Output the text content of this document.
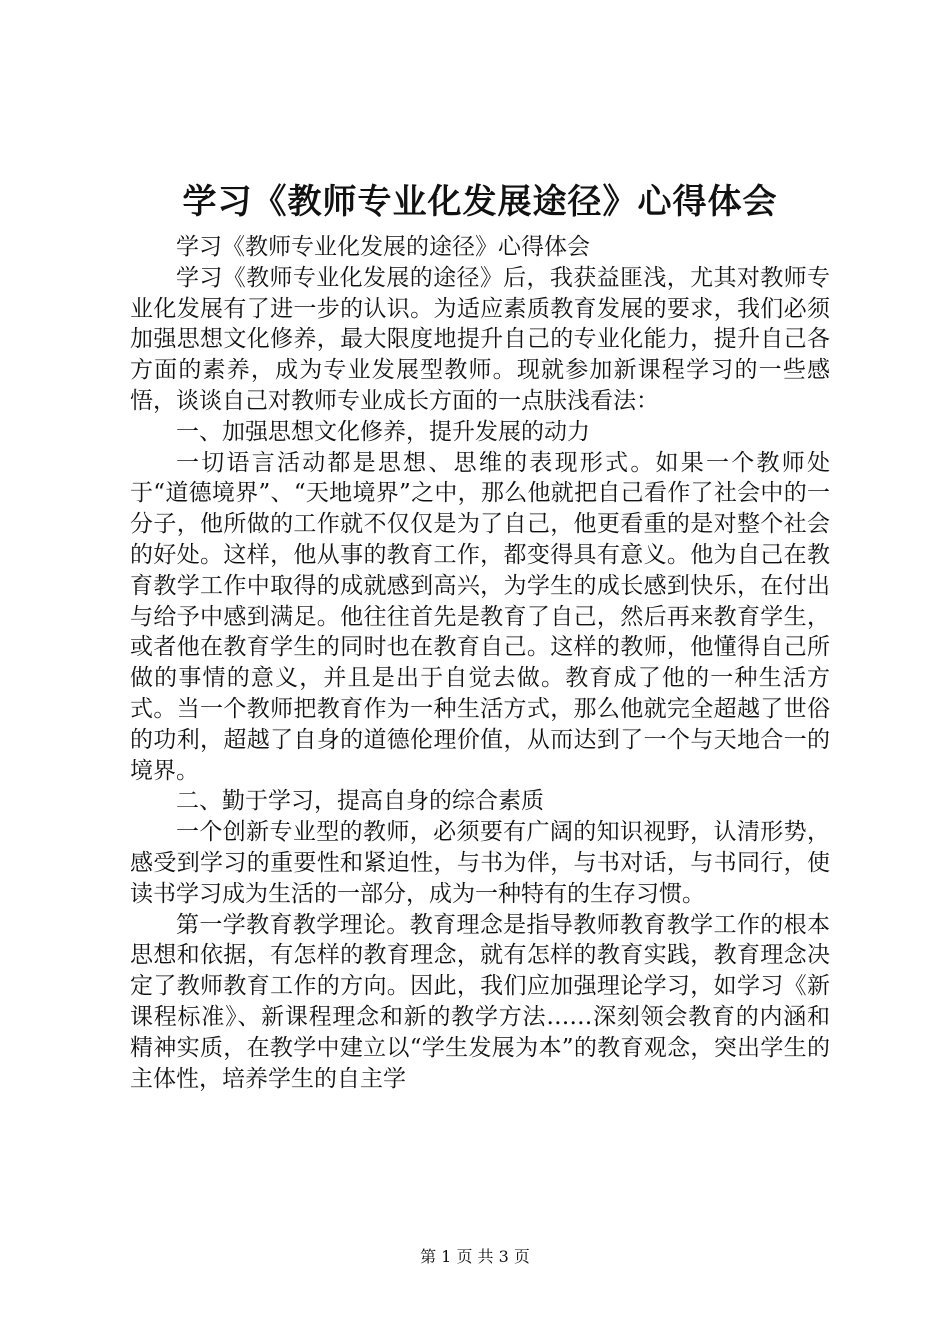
学习《教师专业化发展途径》心得体会

学习《教师专业化发展的途径》心得体会

学习《教师专业化发展的途径》后，我获益匪浅，尤其对教师专业化发展有了进一步的认识。为适应素质教育发展的要求，我们必须加强思想文化修养，最大限度地提升自己的专业化能力，提升自己各方面的素养，成为专业发展型教师。现就参加新课程学习的一些感悟，谈谈自己对教师专业成长方面的一点肤浅看法：

一、加强思想文化修养，提升发展的动力

一切语言活动都是思想、思维的表现形式。如果一个教师处于“道德境界”、“天地境界”之中，那么他就把自己看作了社会中的一分子，他所做的工作就不仅仅是为了自己，他更看重的是对整个社会的好处。这样，他从事的教育工作，都变得具有意义。他为自己在教育教学工作中取得的成就感到高兴，为学生的成长感到快乐，在付出与给予中感到满足。他往往首先是教育了自己，然后再来教育学生，或者他在教育学生的同时也在教育自己。这样的教师，他懂得自己所做的事情的意义，并且是出于自觉去做。教育成了他的一种生活方式。当一个教师把教育作为一种生活方式，那么他就完全超越了世俗的功利，超越了自身的道德伦理价值，从而达到了一个与天地合一的境界。

二、勤于学习，提高自身的综合素质

一个创新专业型的教师，必须要有广阔的知识视野，认清形势，感受到学习的重要性和紧迫性，与书为伴，与书对话，与书同行，使读书学习成为生活的一部分，成为一种特有的生存习惯。

第一学教育教学理论。教育理念是指导教师教育教学工作的根本思想和依据，有怎样的教育理念，就有怎样的教育实践，教育理念决定了教师教育工作的方向。因此，我们应加强理论学习，如学习《新课程标准》、新课程理念和新的教学方法……深刻领会教育的内涵和精神实质，在教学中建立以“学生发展为本”的教育观念，突出学生的主体性，培养学生的自主学

第 1 页 共 3 页
